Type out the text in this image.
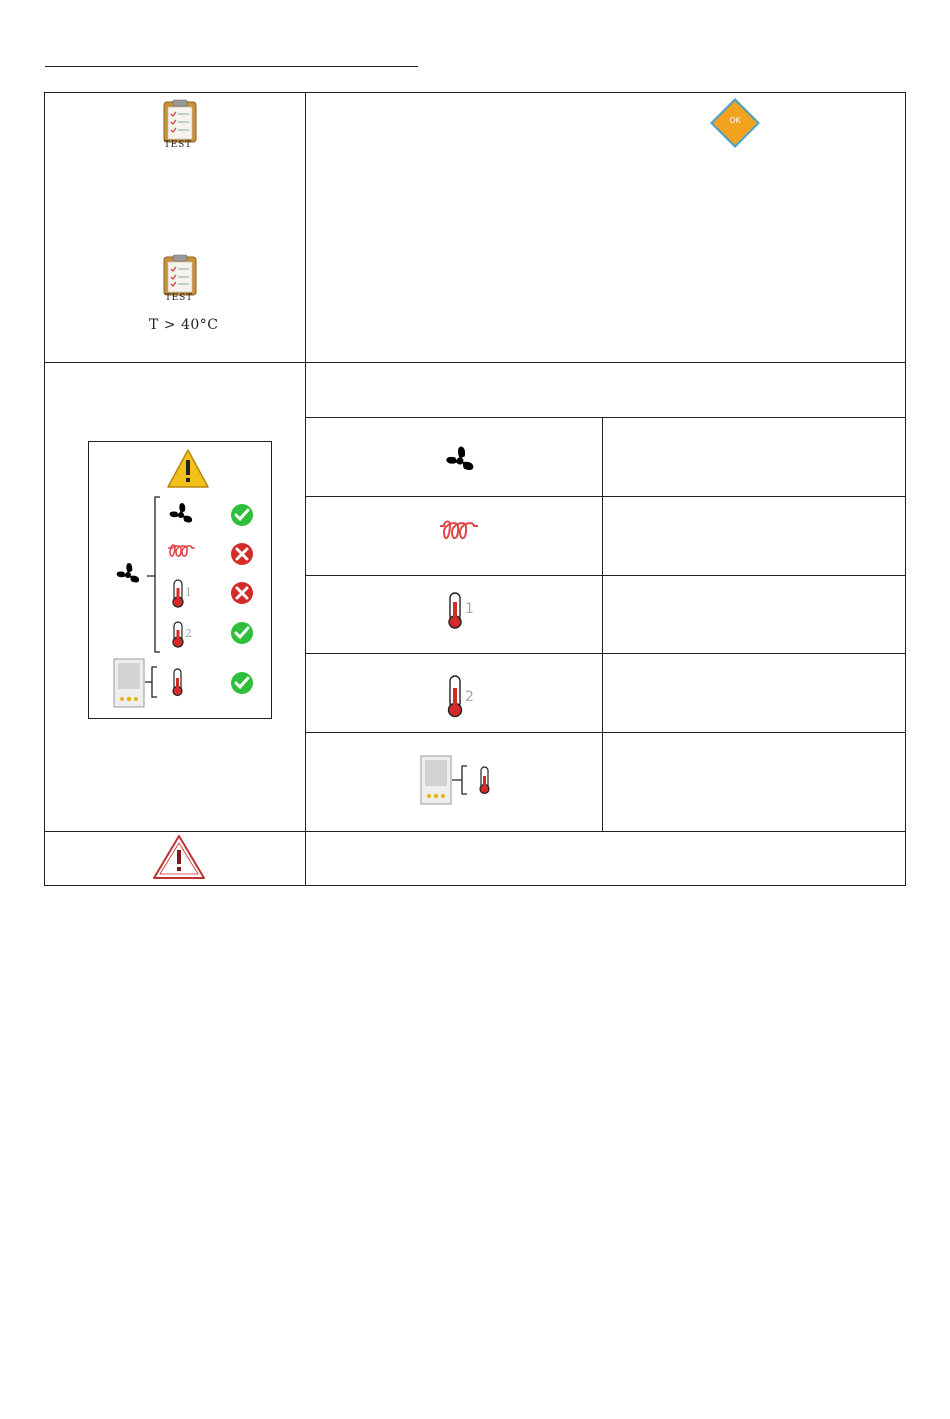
TEST
TEST
T > 40°C
OK
1
2
1
2
